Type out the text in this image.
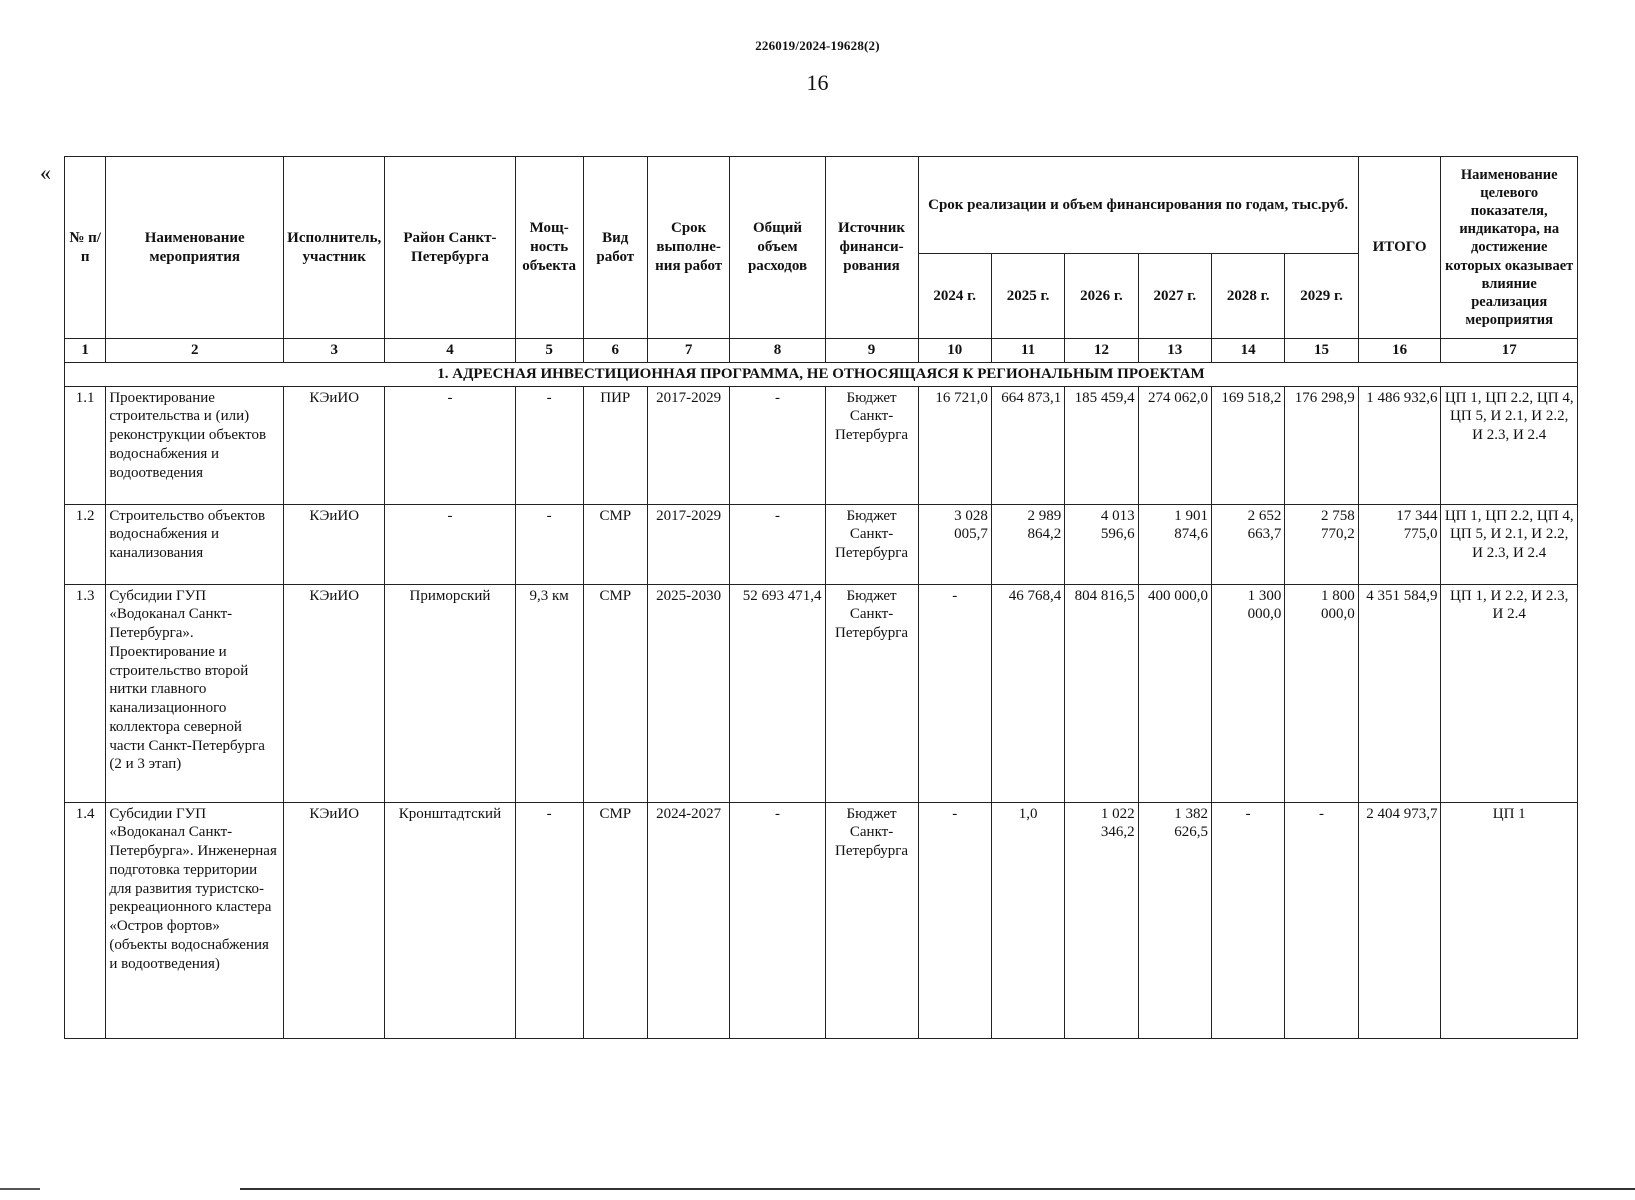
226019/2024-19628(2)
16
«
№ п/п	Наименование мероприятия	Исполнитель, участник	Район Санкт-Петербурга	Мощ-ность объекта	Вид работ	Срок выполне-ния работ	Общий объем расходов	Источник финанси-рования	Срок реализации и объем финансирования по годам, тыс.руб.						ИТОГО	Наименование целевого показателя, индикатора, на достижение которых оказывает влияние реализация мероприятия
									2024 г.	2025 г.	2026 г.	2027 г.	2028 г.	2029 г.		
1	2	3	4	5	6	7	8	9	10	11	12	13	14	15	16	17
1. АДРЕСНАЯ ИНВЕСТИЦИОННАЯ ПРОГРАММА, НЕ ОТНОСЯЩАЯСЯ К РЕГИОНАЛЬНЫМ ПРОЕКТАМ																
1.1	Проектирование строительства и (или) реконструкции объектов водоснабжения и водоотведения	КЭиИО	-	-	ПИР	2017-2029	-	Бюджет Санкт-Петербурга	16 721,0	664 873,1	185 459,4	274 062,0	169 518,2	176 298,9	1 486 932,6	ЦП 1, ЦП 2.2, ЦП 4, ЦП 5, И 2.1, И 2.2, И 2.3, И 2.4
1.2	Строительство объектов водоснабжения и канализования	КЭиИО	-	-	СМР	2017-2029	-	Бюджет Санкт-Петербурга	3 028 005,7	2 989 864,2	4 013 596,6	1 901 874,6	2 652 663,7	2 758 770,2	17 344 775,0	ЦП 1, ЦП 2.2, ЦП 4, ЦП 5, И 2.1, И 2.2, И 2.3, И 2.4
1.3	Субсидии ГУП «Водоканал Санкт-Петербурга». Проектирование и строительство второй нитки главного канализационного коллектора северной части Санкт-Петербурга (2 и 3 этап)	КЭиИО	Приморский	9,3 км	СМР	2025-2030	52 693 471,4	Бюджет Санкт-Петербурга	-	46 768,4	804 816,5	400 000,0	1 300 000,0	1 800 000,0	4 351 584,9	ЦП 1, И 2.2, И 2.3, И 2.4
1.4	Субсидии ГУП «Водоканал Санкт-Петербурга». Инженерная подготовка территории для развития туристско-рекреационного кластера «Остров фортов» (объекты водоснабжения и водоотведения)	КЭиИО	Кронштадтский	-	СМР	2024-2027	-	Бюджет Санкт-Петербурга	-	1,0	1 022 346,2	1 382 626,5	-	-	2 404 973,7	ЦП 1
